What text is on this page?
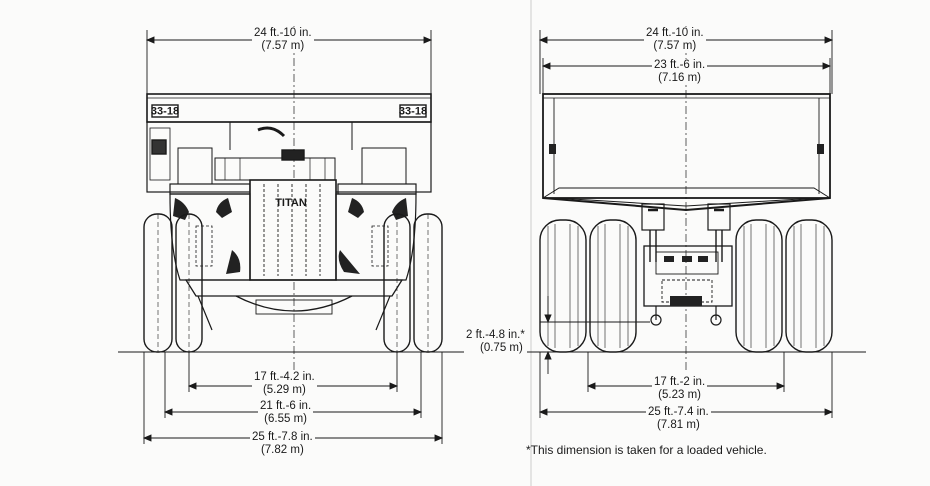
33-18	33-18
TITAN
24 ft.-10 in.
(7.57 m)
17 ft.-4.2 in.
(5.29 m)
21 ft.-6 in.
(6.55 m)
25 ft.-7.8 in.
(7.82 m)
24 ft.-10 in.
(7.57 m)
23 ft.-6 in.
(7.16 m)
2 ft.-4.8 in.*
(0.75 m)
17 ft.-2 in.
(5.23 m)
25 ft.-7.4 in.
(7.81 m)
*This dimension is taken for a loaded vehicle.
